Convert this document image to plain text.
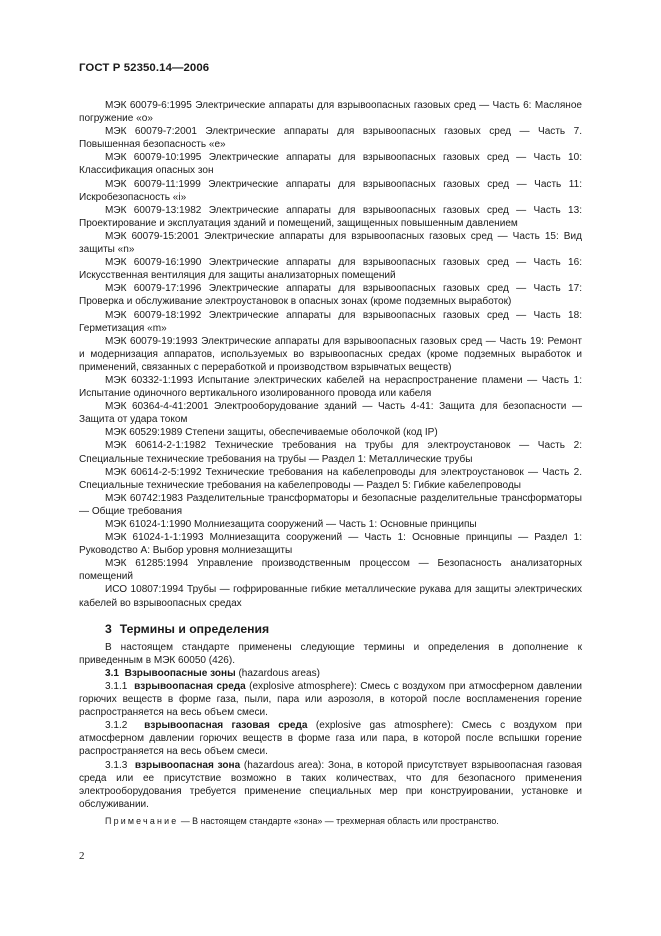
ГОСТ Р 52350.14—2006

МЭК 60079-6:1995 Электрические аппараты для взрывоопасных газовых сред — Часть 6: Масляное погружение «о»

МЭК 60079-7:2001 Электрические аппараты для взрывоопасных газовых сред — Часть 7. Повышенная безопасность «е»

МЭК 60079-10:1995 Электрические аппараты для взрывоопасных газовых сред — Часть 10: Классификация опасных зон

МЭК 60079-11:1999 Электрические аппараты для взрывоопасных газовых сред — Часть 11: Искробезопасность «i»

МЭК 60079-13:1982 Электрические аппараты для взрывоопасных газовых сред — Часть 13: Проектирование и эксплуатация зданий и помещений, защищенных повышенным давлением

МЭК 60079-15:2001 Электрические аппараты для взрывоопасных газовых сред — Часть 15: Вид защиты «n»

МЭК 60079-16:1990 Электрические аппараты для взрывоопасных газовых сред — Часть 16: Искусственная вентиляция для защиты анализаторных помещений

МЭК 60079-17:1996 Электрические аппараты для взрывоопасных газовых сред — Часть 17: Проверка и обслуживание электроустановок в опасных зонах (кроме подземных выработок)

МЭК 60079-18:1992 Электрические аппараты для взрывоопасных газовых сред — Часть 18: Герметизация «m»

МЭК 60079-19:1993 Электрические аппараты для взрывоопасных газовых сред — Часть 19: Ремонт и модернизация аппаратов, используемых во взрывоопасных средах (кроме подземных выработок и применений, связанных с переработкой и производством взрывчатых веществ)

МЭК 60332-1:1993 Испытание электрических кабелей на нераспространение пламени — Часть 1: Испытание одиночного вертикального изолированного провода или кабеля

МЭК 60364-4-41:2001 Электрооборудование зданий — Часть 4-41: Защита для безопасности — Защита от удара током

МЭК 60529:1989 Степени защиты, обеспечиваемые оболочкой (код IP)

МЭК 60614-2-1:1982 Технические требования на трубы для электроустановок — Часть 2: Специальные технические требования на трубы — Раздел 1: Металлические трубы

МЭК 60614-2-5:1992 Технические требования на кабелепроводы для электроустановок — Часть 2. Специальные технические требования на кабелепроводы — Раздел 5: Гибкие кабелепроводы

МЭК 60742:1983 Разделительные трансформаторы и безопасные разделительные трансформаторы — Общие требования

МЭК 61024-1:1990 Молниезащита сооружений — Часть 1: Основные принципы

МЭК 61024-1-1:1993 Молниезащита сооружений — Часть 1: Основные принципы — Раздел 1: Руководство А: Выбор уровня молниезащиты

МЭК 61285:1994 Управление производственным процессом — Безопасность анализаторных помещений

ИСО 10807:1994 Трубы — гофрированные гибкие металлические рукава для защиты электрических кабелей во взрывоопасных средах

3 Термины и определения

В настоящем стандарте применены следующие термины и определения в дополнение к приведенным в МЭК 60050 (426).

3.1 Взрывоопасные зоны (hazardous areas)

3.1.1 взрывоопасная среда (explosive atmosphere): Смесь с воздухом при атмосферном давлении горючих веществ в форме газа, пыли, пара или аэрозоля, в которой после воспламенения горение распространяется на весь объем смеси.

3.1.2 взрывоопасная газовая среда (explosive gas atmosphere): Смесь с воздухом при атмосферном давлении горючих веществ в форме газа или пара, в которой после вспышки горение распространяется на весь объем смеси.

3.1.3 взрывоопасная зона (hazardous area): Зона, в которой присутствует взрывоопасная газовая среда или ее присутствие возможно в таких количествах, что для безопасного применения электрооборудования требуется применение специальных мер при конструировании, установке и обслуживании.

Примечание — В настоящем стандарте «зона» — трехмерная область или пространство.

2
